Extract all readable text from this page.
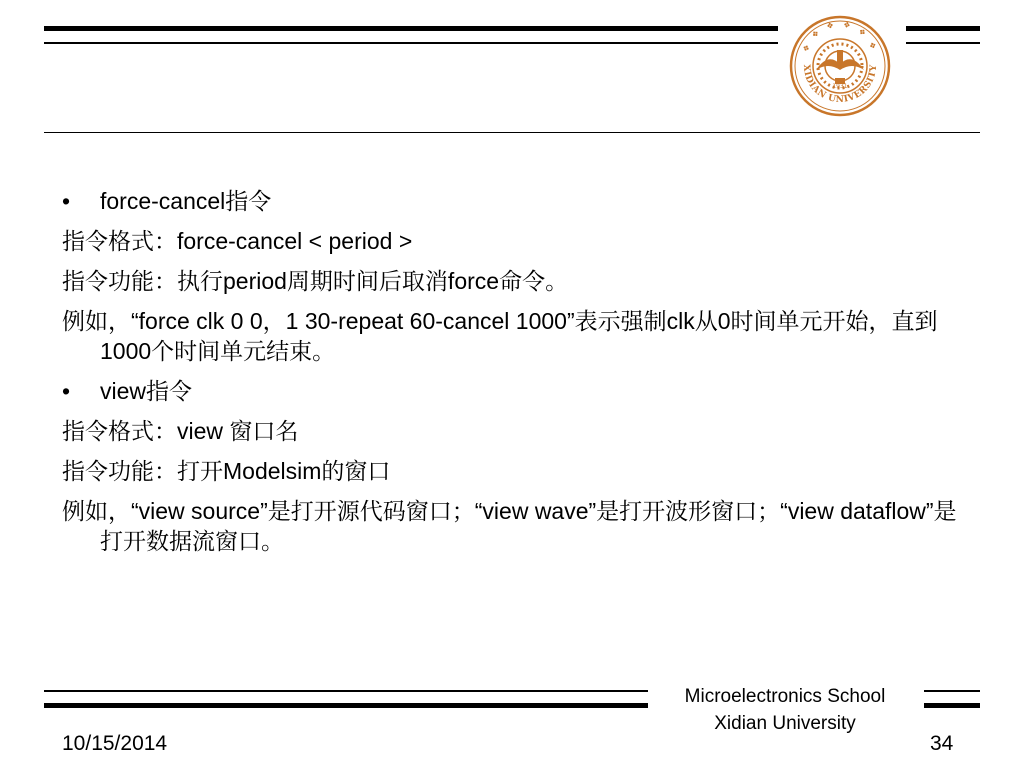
XIDIAN UNIVERSITY
❖ ❖ ❖ ❖ ❖ ❖
1931
• force-cancel指令
指令格式：force-cancel < period >
指令功能：执行period周期时间后取消force命令。
例如，“force clk 0 0，1 30-repeat 60-cancel 1000”表示强制clk从0时间单元开始，直到1000个时间单元结束。
• view指令
指令格式：view 窗口名
指令功能：打开Modelsim的窗口
例如，“view source”是打开源代码窗口；“view wave”是打开波形窗口；“view dataflow”是打开数据流窗口。
Microelectronics School
Xidian University
10/15/2014	34
